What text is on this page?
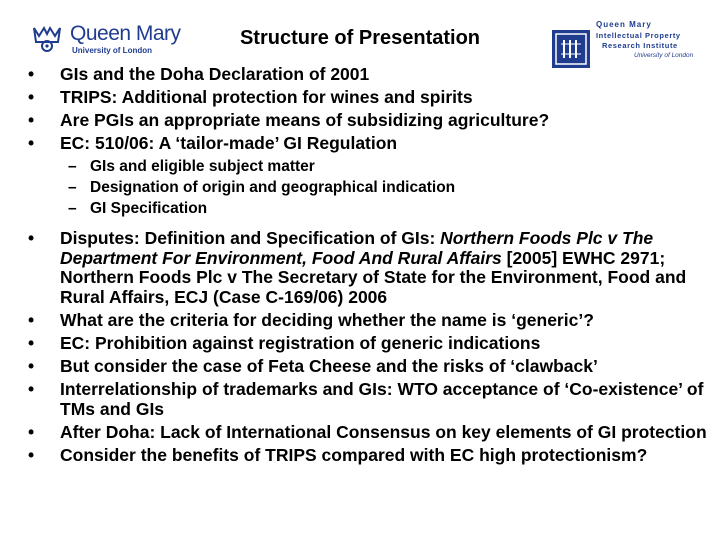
Queen Mary
University of London
Structure of Presentation
Queen Mary
Intellectual Property
Research Institute
University of London
• GIs and the Doha Declaration of 2001
• TRIPS: Additional protection for wines and spirits
• Are PGIs an appropriate means of subsidizing agriculture?
• EC: 510/06: A ‘tailor-made’ GI Regulation
– GIs and eligible subject matter
– Designation of origin and geographical indication
– GI Specification
• Disputes: Definition and Specification of GIs: Northern Foods Plc v The Department For Environment, Food And Rural Affairs [2005] EWHC 2971; Northern Foods Plc v The Secretary of State for the Environment, Food and Rural Affairs, ECJ (Case C-169/06) 2006
• What are the criteria for deciding whether the name is ‘generic’?
• EC: Prohibition against registration of generic indications
• But consider the case of Feta Cheese and the risks of ‘clawback’
• Interrelationship of trademarks and GIs: WTO acceptance of ‘Co-existence’ of TMs and GIs
• After Doha: Lack of International Consensus on key elements of GI protection
• Consider the benefits of TRIPS compared with EC high protectionism?
